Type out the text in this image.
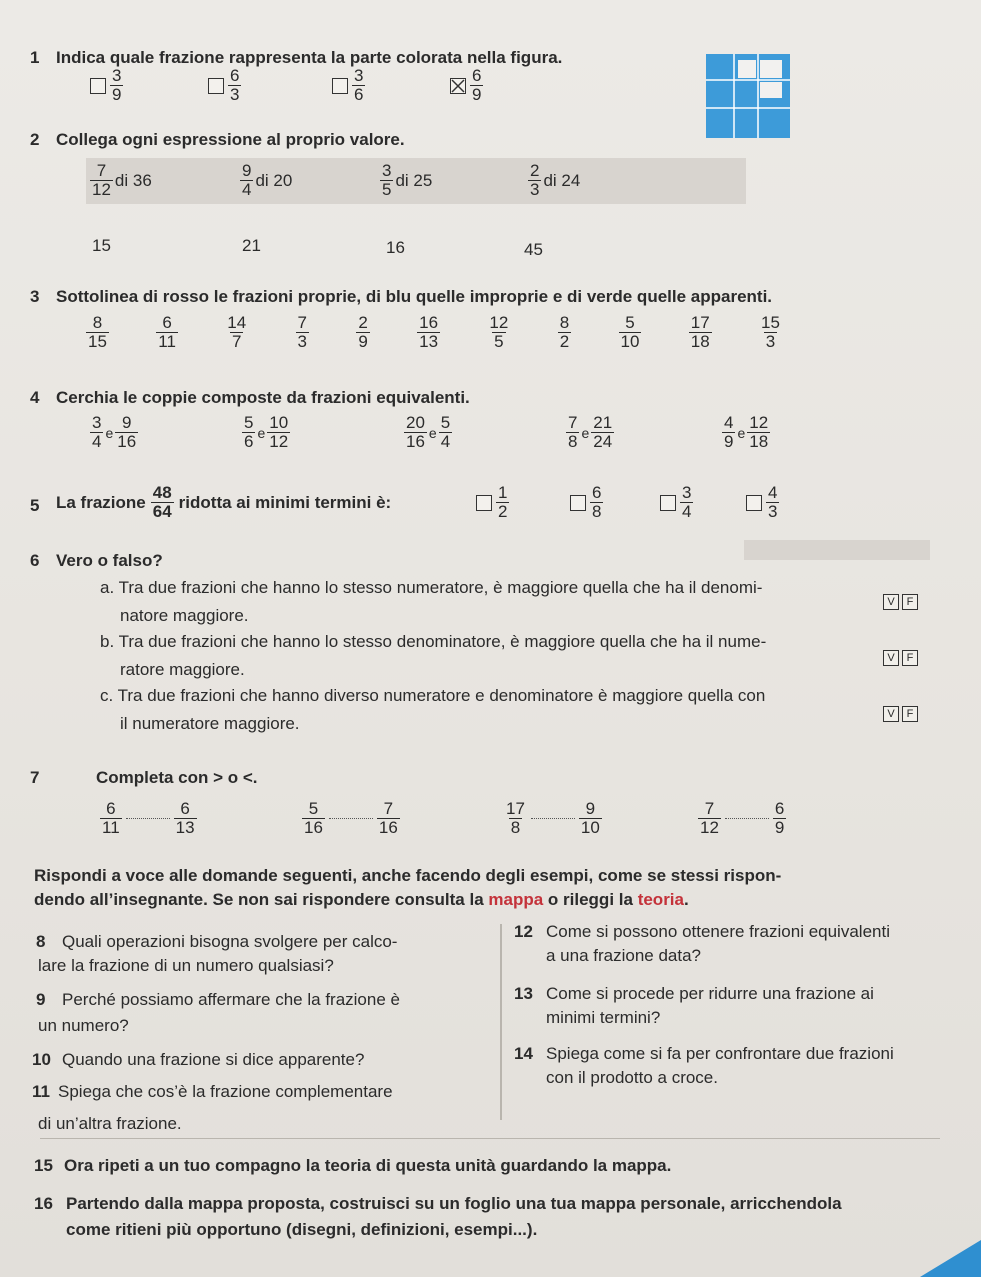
1 Indica quale frazione rappresenta la parte colorata nella figura.
$\frac{3}{9}$	$\frac{6}{3}$	$\frac{3}{6}$	$\frac{6}{9}$
2 Collega ogni espressione al proprio valore.
$\frac{7}{12}$ di 36	$\frac{9}{4}$ di 20	$\frac{3}{5}$ di 25	$\frac{2}{3}$ di 24
15	21	16	45
3 Sottolinea di rosso le frazioni proprie, di blu quelle improprie e di verde quelle apparenti.
$\frac{8}{15}$	$\frac{6}{11}$	$\frac{14}{7}$	$\frac{7}{3}$	$\frac{2}{9}$	$\frac{16}{13}$	$\frac{12}{5}$	$\frac{8}{2}$	$\frac{5}{10}$	$\frac{17}{18}$	$\frac{15}{3}$
4 Cerchia le coppie composte da frazioni equivalenti.
$\frac{3}{4}$ e $\frac{9}{16}$	$\frac{5}{6}$ e $\frac{10}{12}$	$\frac{20}{16}$ e $\frac{5}{4}$	$\frac{7}{8}$ e $\frac{21}{24}$	$\frac{4}{9}$ e $\frac{12}{18}$
5 La frazione $\frac{48}{64}$ ridotta ai minimi termini è:	$\frac{1}{2}$	$\frac{6}{8}$	$\frac{3}{4}$	$\frac{4}{3}$
6 Vero o falso?
a. Tra due frazioni che hanno lo stesso numeratore, è maggiore quella che ha il denomi-
natore maggiore.
V	F
b. Tra due frazioni che hanno lo stesso denominatore, è maggiore quella che ha il nume-
ratore maggiore.
V	F
c. Tra due frazioni che hanno diverso numeratore e denominatore è maggiore quella con
il numeratore maggiore.	V	F
7	Completa con > o <.
$\frac{6}{11}$	$\frac{6}{13}$	$\frac{5}{16}$	$\frac{7}{16}$	$\frac{17}{8}$	$\frac{9}{10}$	$\frac{7}{12}$	$\frac{6}{9}$
Rispondi a voce alle domande seguenti, anche facendo degli esempi, come se stessi rispon-
dendo all’insegnante. Se non sai rispondere consulta la mappa o rileggi la teoria.
8 Quali operazioni bisogna svolgere per calco-
lare la frazione di un numero qualsiasi?
9 Perché possiamo affermare che la frazione è
un numero?
10 Quando una frazione si dice apparente?
11 Spiega che cos’è la frazione complementare
di un’altra frazione.
12 Come si possono ottenere frazioni equivalenti
a una frazione data?
13 Come si procede per ridurre una frazione ai
minimi termini?
14 Spiega come si fa per confrontare due frazioni
con il prodotto a croce.
15 Ora ripeti a un tuo compagno la teoria di questa unità guardando la mappa.
16 Partendo dalla mappa proposta, costruisci su un foglio una tua mappa personale, arricchendola
come ritieni più opportuno (disegni, definizioni, esempi...).
